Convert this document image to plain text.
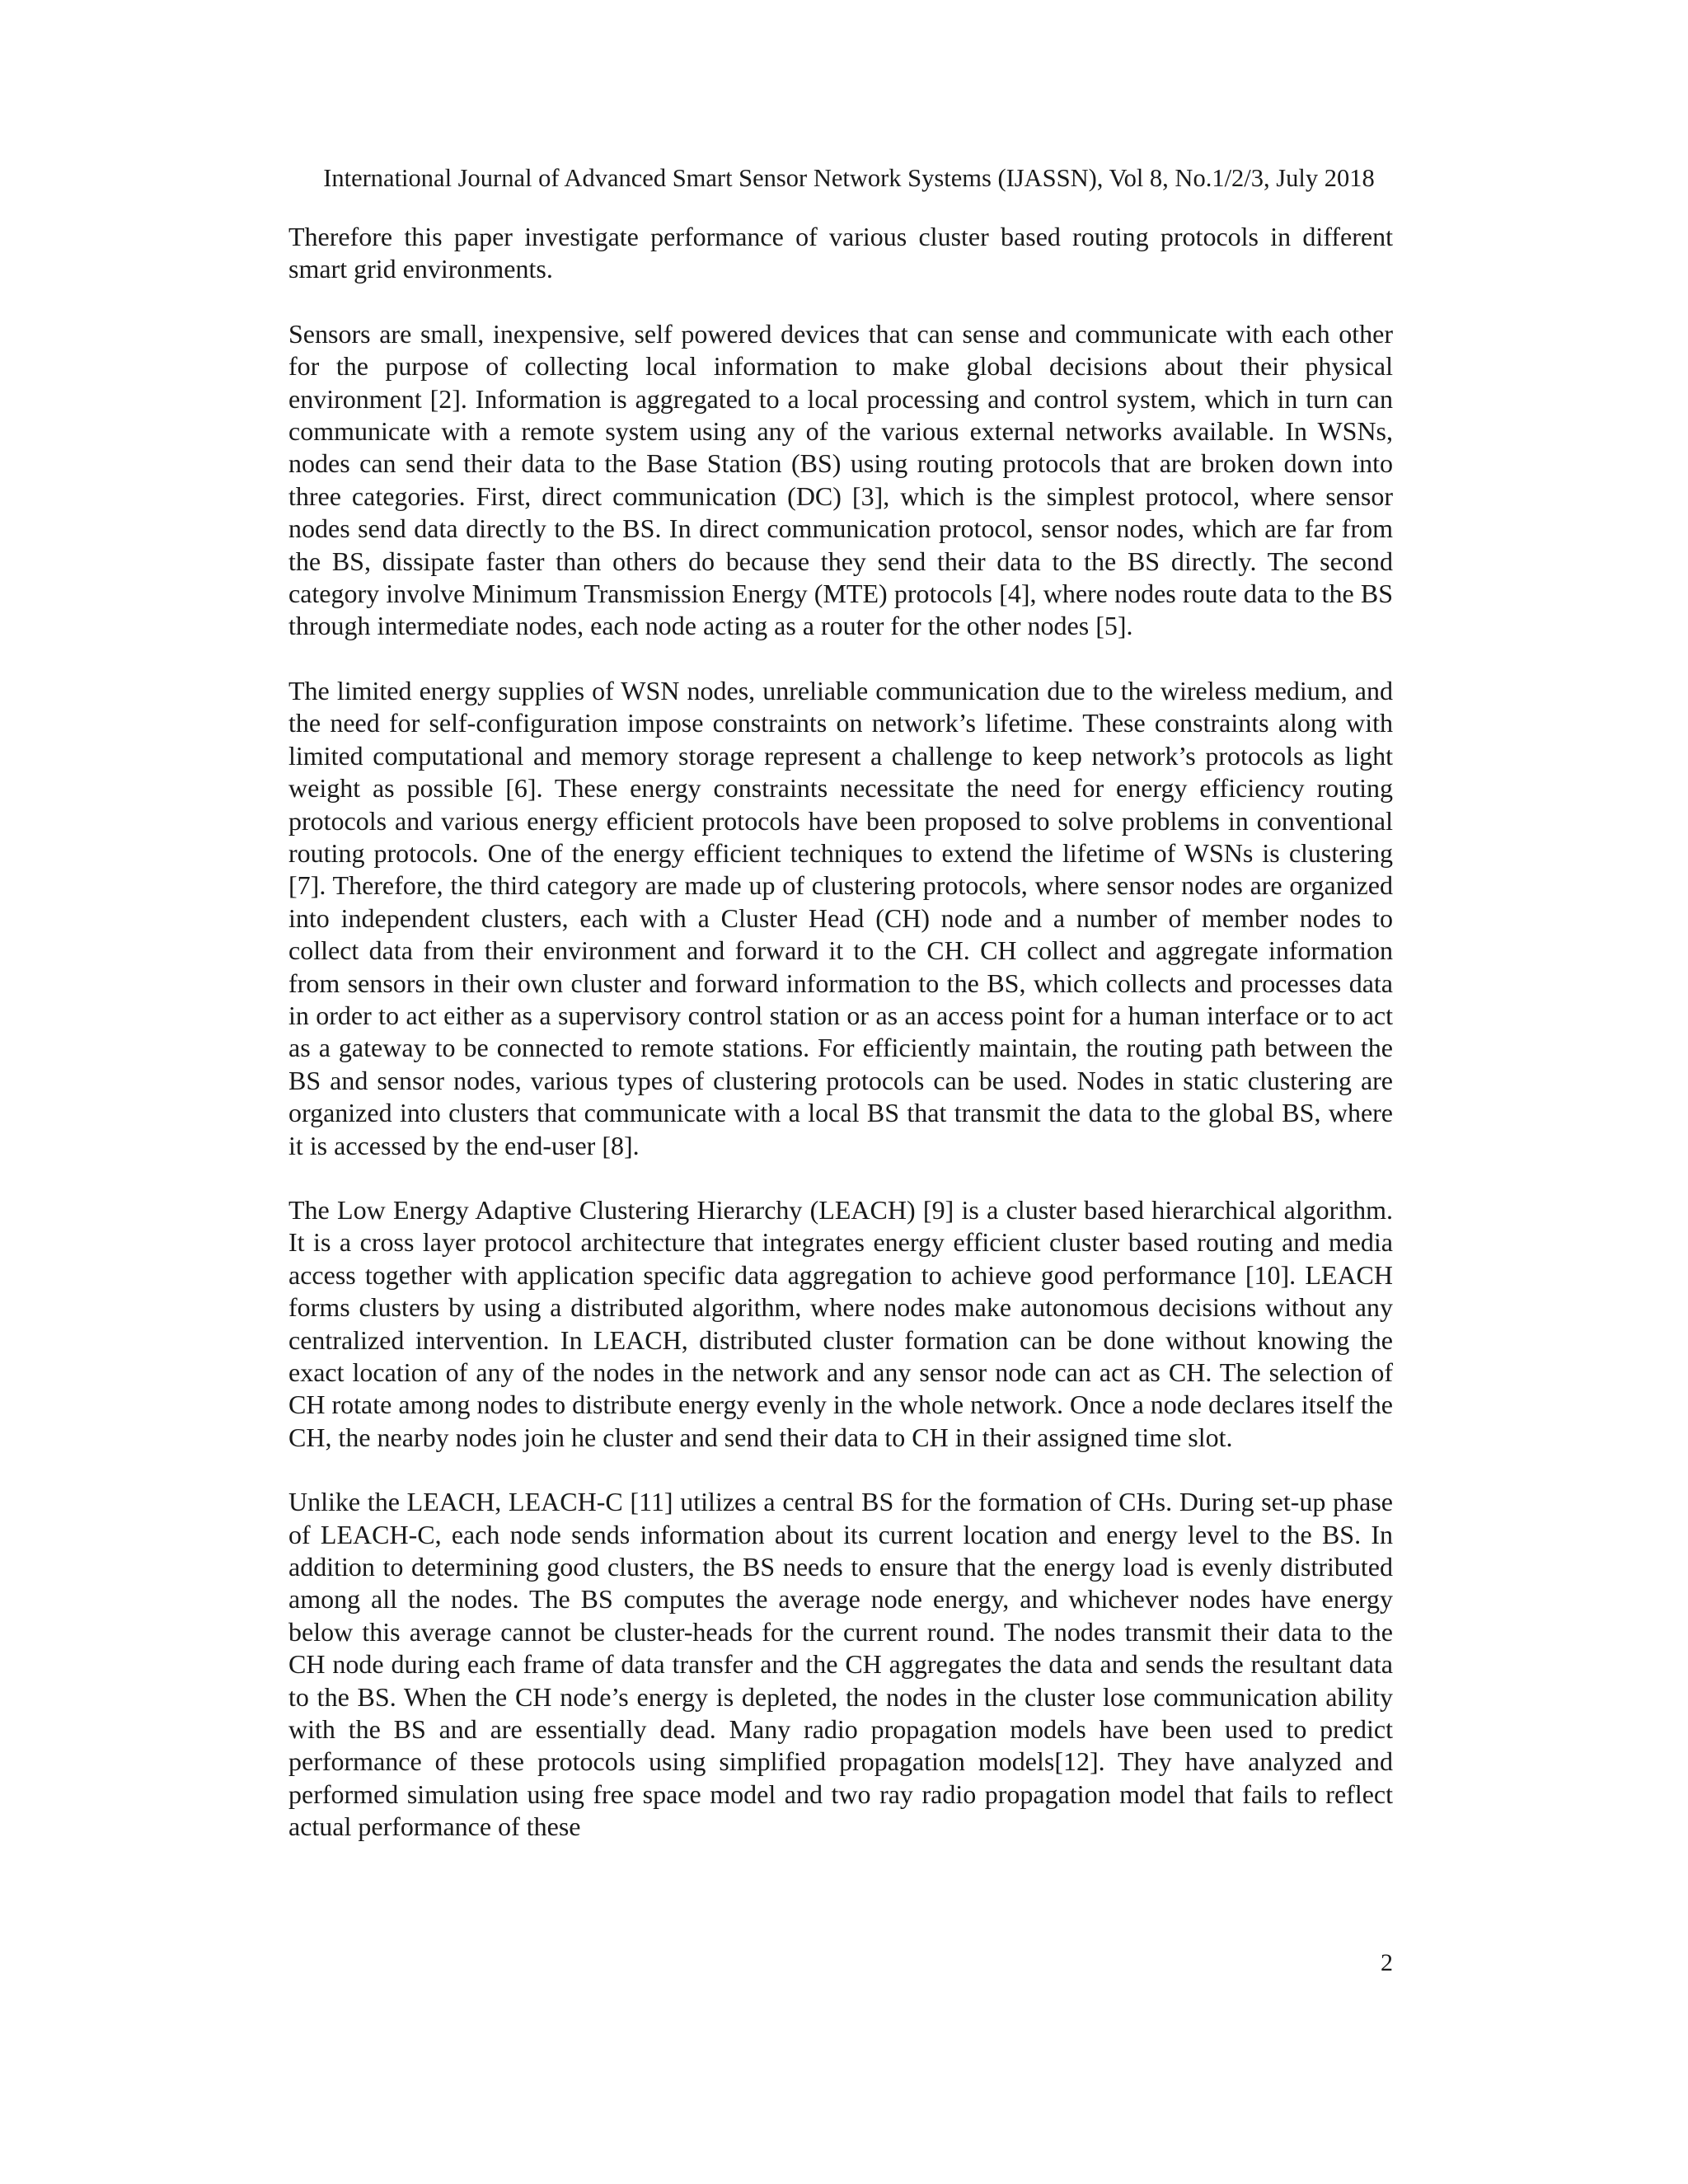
International Journal of Advanced Smart Sensor Network Systems (IJASSN), Vol 8, No.1/2/3, July 2018

Therefore this paper investigate performance of various cluster based routing protocols in different smart grid environments.

Sensors are small, inexpensive, self powered devices that can sense and communicate with each other for the purpose of collecting local information to make global decisions about their physical environment [2]. Information is aggregated to a local processing and control system, which in turn can communicate with a remote system using any of the various external networks available. In WSNs, nodes can send their data to the Base Station (BS) using routing protocols that are broken down into three categories. First, direct communication (DC) [3], which is the simplest protocol, where sensor nodes send data directly to the BS. In direct communication protocol, sensor nodes, which are far from the BS, dissipate faster than others do because they send their data to the BS directly. The second category involve Minimum Transmission Energy (MTE) protocols [4], where nodes route data to the BS through intermediate nodes, each node acting as a router for the other nodes [5].

The limited energy supplies of WSN nodes, unreliable communication due to the wireless medium, and the need for self-configuration impose constraints on network’s lifetime. These constraints along with limited computational and memory storage represent a challenge to keep network’s protocols as light weight as possible [6]. These energy constraints necessitate the need for energy efficiency routing protocols and various energy efficient protocols have been proposed to solve problems in conventional routing protocols. One of the energy efficient techniques to extend the lifetime of WSNs is clustering [7]. Therefore, the third category are made up of clustering protocols, where sensor nodes are organized into independent clusters, each with a Cluster Head (CH) node and a number of member nodes to collect data from their environment and forward it to the CH. CH collect and aggregate information from sensors in their own cluster and forward information to the BS, which collects and processes data in order to act either as a supervisory control station or as an access point for a human interface or to act as a gateway to be connected to remote stations. For efficiently maintain, the routing path between the BS and sensor nodes, various types of clustering protocols can be used. Nodes in static clustering are organized into clusters that communicate with a local BS that transmit the data to the global BS, where it is accessed by the end-user [8].

The Low Energy Adaptive Clustering Hierarchy (LEACH) [9] is a cluster based hierarchical algorithm. It is a cross layer protocol architecture that integrates energy efficient cluster based routing and media access together with application specific data aggregation to achieve good performance [10]. LEACH forms clusters by using a distributed algorithm, where nodes make autonomous decisions without any centralized intervention. In LEACH, distributed cluster formation can be done without knowing the exact location of any of the nodes in the network and any sensor node can act as CH. The selection of CH rotate among nodes to distribute energy evenly in the whole network. Once a node declares itself the CH, the nearby nodes join he cluster and send their data to CH in their assigned time slot.

Unlike the LEACH, LEACH-C [11] utilizes a central BS for the formation of CHs. During set-up phase of LEACH-C, each node sends information about its current location and energy level to the BS. In addition to determining good clusters, the BS needs to ensure that the energy load is evenly distributed among all the nodes. The BS computes the average node energy, and whichever nodes have energy below this average cannot be cluster-heads for the current round. The nodes transmit their data to the CH node during each frame of data transfer and the CH aggregates the data and sends the resultant data to the BS. When the CH node’s energy is depleted, the nodes in the cluster lose communication ability with the BS and are essentially dead. Many radio propagation models have been used to predict performance of these protocols using simplified propagation models[12]. They have analyzed and performed simulation using free space model and two ray radio propagation model that fails to reflect actual performance of these

2
